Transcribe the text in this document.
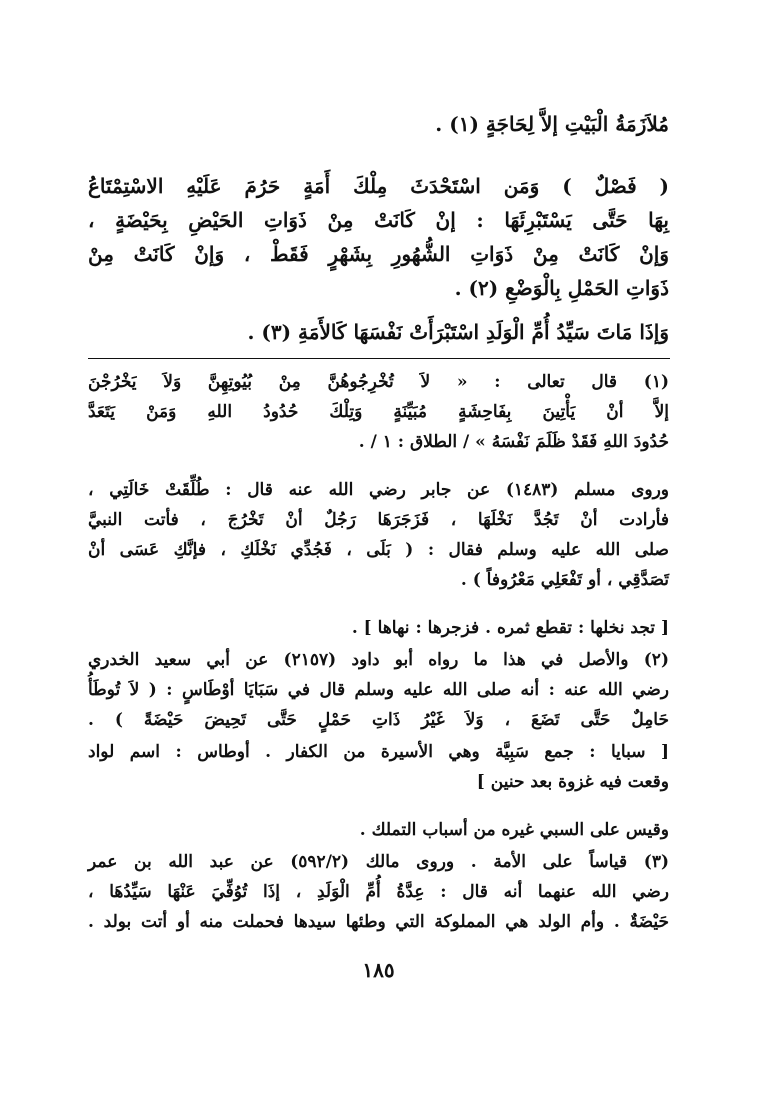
مُلاَزَمَةُ الْبَيْتِ إلاَّ لِحَاجَةٍ (١) .
( فَصْلٌ ) وَمَن اسْتَحْدَثَ مِلْكَ أَمَةٍ حَرُمَ عَلَيْهِ الاسْتِمْتَاعُ
بِهَا حَتَّى يَسْتَبْرِئَهَا : إنْ كَانَتْ مِنْ ذَوَاتِ الحَيْضِ بِحَيْضَةٍ ،
وَإنْ كَانَتْ مِنْ ذَوَاتِ الشُّهُورِ بِشَهْرٍ فَقَطْ ، وَإنْ كَانَتْ مِنْ
ذَوَاتِ الحَمْلِ بِالْوَضْعِ (٢) .
وَإذَا مَاتَ سَيِّدُ أُمِّ الْوَلَدِ اسْتَبْرَأَتْ نَفْسَهَا كَالأَمَةِ (٣) .
(١) قال تعالى : « لاَ تُخْرِجُوهُنَّ مِنْ بُيُوتِهِنَّ وَلاَ يَخْرُجْنَ
إلاَّ أنْ يَأْتِينَ بِفَاحِشَةٍ مُبَيِّنَةٍ وَتِلْكَ حُدُودُ اللهِ وَمَنْ يَتَعَدَّ
حُدُودَ اللهِ فَقَدْ ظَلَمَ نَفْسَهُ » / الطلاق : ١ / .
وروى مسلم (١٤٨٣) عن جابر رضي الله عنه قال : طُلِّقَتْ خَالَتِي ،
فأرادت أنْ تَجُدَّ نَخْلَهَا ، فَزَجَرَهَا رَجُلٌ أنْ تَخْرُجَ ، فأتت النبيَّ
صلى الله عليه وسلم فقال : ( بَلَى ، فَجُدِّي نَخْلَكِ ، فإنَّكِ عَسَى أنْ
تَصَدَّقِي ، أو تَفْعَلِي مَعْرُوفاً ) .
[ تجد نخلها : تقطع ثمره . فزجرها : نهاها ] .
(٢) والأصل في هذا ما رواه أبو داود (٢١٥٧) عن أبي سعيد الخدري
رضي الله عنه : أنه صلى الله عليه وسلم قال في سَبَايَا أوْطَاسٍ : ( لاَ تُوطَأُ
حَامِلٌ حَتَّى تَضَعَ ، وَلاَ غَيْرُ ذَاتِ حَمْلٍ حَتَّى تَحِيضَ حَيْضَةً ) .
[ سبايا : جمع سَبِيَّة وهي الأسيرة من الكفار . أوطاس : اسم لواد
وقعت فيه غزوة بعد حنين ]
وقيس على السبي غيره من أسباب التملك .
(٣) قياساً على الأمة . وروى مالك (٥٩٢/٢) عن عبد الله بن عمر
رضي الله عنهما أنه قال : عِدَّةُ أُمِّ الْوَلَدِ ، إذَا تُوُفِّيَ عَنْهَا سَيِّدُهَا ،
حَيْضَةٌ . وأم الولد هي المملوكة التي وطئها سيدها فحملت منه أو أتت بولد .
١٨٥
